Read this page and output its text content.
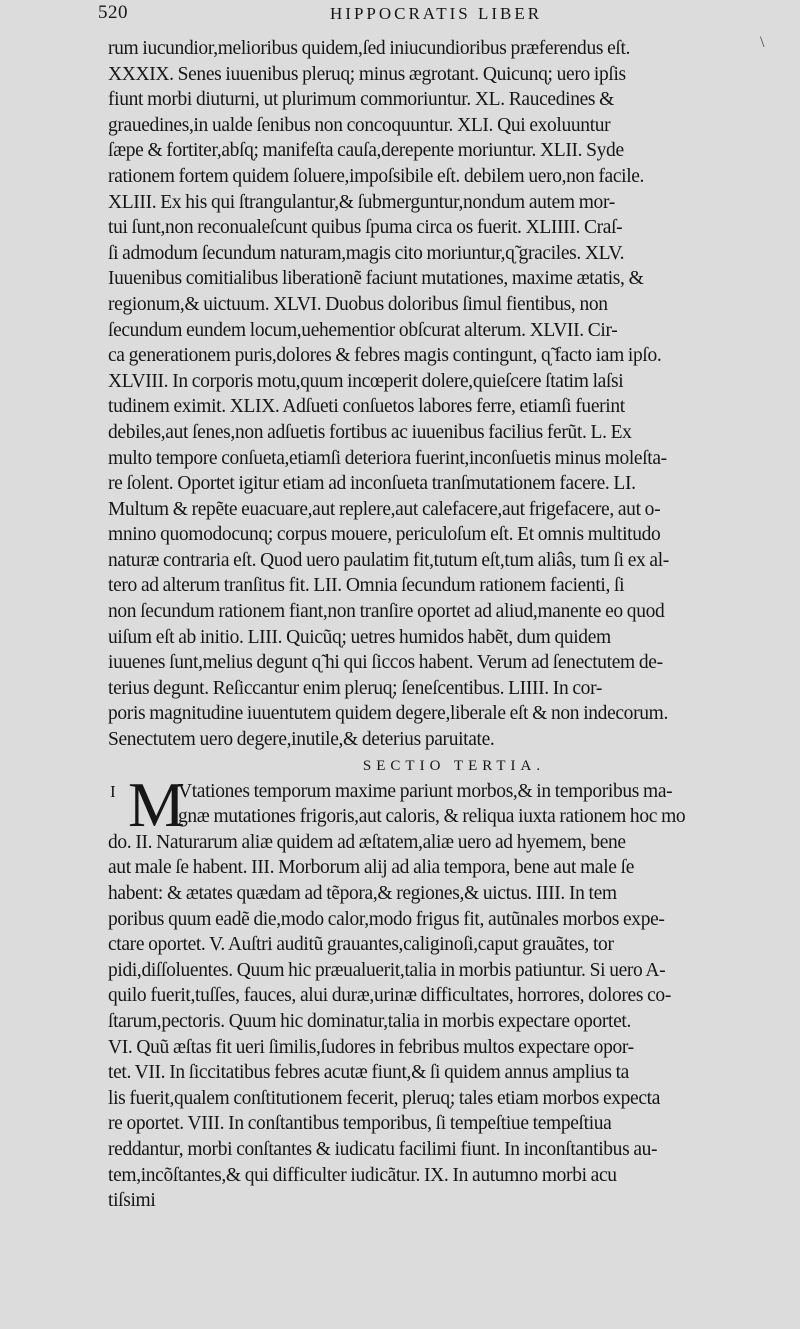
520	HIPPOCRATIS LIBER
\
rum iucundior,melioribus quidem,ſed iniucundioribus præferendus eſt.
XXXIX. Senes iuuenibus pleruɋ; minus ægrotant. Quicunɋ; uero ipſis
fiunt morbi diuturni, ut plurimum commoriuntur. XL. Raucedines &
grauedines,in ualde ſenibus non concoquuntur. XLI. Qui exoluuntur
ſæpe & fortiter,abſɋ; manifeſta cauſa,derepente moriuntur. XLII. Syde
rationem fortem quidem ſoluere,impoſsibile eſt. debilem uero,non facile.
XLIII. Ex his qui ſtrangulantur,& ſubmerguntur,nondum autem mor-
tui ſunt,non reconualeſcunt quibus ſpuma circa os fuerit. XLIIII. Craſ-
ſi admodum ſecundum naturam,magis cito moriuntur,ɋ̃ graciles. XLV.
Iuuenibus comitialibus liberationẽ faciunt mutationes, maxime ætatis, &
regionum,& uictuum. XLVI. Duobus doloribus ſimul fientibus, non
ſecundum eundem locum,uehementior obſcurat alterum. XLVII. Cir-
ca generationem puris,dolores & febres magis contingunt, ɋ̃ facto iam ipſo.
XLVIII. In corporis motu,quum incœperit dolere,quieſcere ſtatim laſsi
tudinem eximit. XLIX. Adſueti conſuetos labores ferre, etiamſi fuerint
debiles,aut ſenes,non adſuetis fortibus ac iuuenibus facilius ferũt. L. Ex
multo tempore conſueta,etiamſi deteriora fuerint,inconſuetis minus moleſta-
re ſolent. Oportet igitur etiam ad inconſueta tranſmutationem facere. LI.
Multum & repẽte euacuare,aut replere,aut calefacere,aut frigefacere, aut o-
mnino quomodocunɋ; corpus mouere, periculoſum eſt. Et omnis multitudo
naturæ contraria eſt. Quod uero paulatim fit,tutum eſt,tum aliâs, tum ſi ex al-
tero ad alterum tranſitus fit. LII. Omnia ſecundum rationem facienti, ſi
non ſecundum rationem fiant,non tranſire oportet ad aliud,manente eo quod
uiſum eſt ab initio. LIII. Quicũɋ; uetres humidos habẽt, dum quidem
iuuenes ſunt,melius degunt ɋ̃ hi qui ſiccos habent. Verum ad ſenectutem de-
terius degunt. Reſiccantur enim pleruɋ; ſeneſcentibus. LIIII. In cor-
poris magnitudine iuuentutem quidem degere,liberale eſt & non indecorum.
Senectutem uero degere,inutile,& deterius paruitate.
SECTIO TERTIA.
I M
Vtationes temporum maxime pariunt morbos,& in temporibus ma-
gnæ mutationes frigoris,aut caloris, & reliqua iuxta rationem hoc mo
do. II. Naturarum aliæ quidem ad æſtatem,aliæ uero ad hyemem, bene
aut male ſe habent. III. Morborum alij ad alia tempora, bene aut male ſe
habent: & ætates quædam ad tẽpora,& regiones,& uictus. IIII. In tem
poribus quum eadẽ die,modo calor,modo frigus fit, autũnales morbos expe-
ctare oportet. V. Auſtri auditũ grauantes,caliginoſi,caput grauãtes, tor
pidi,diſſoluentes. Quum hic præualuerit,talia in morbis patiuntur. Si uero A-
quilo fuerit,tuſſes, fauces, alui duræ,urinæ difficultates, horrores, dolores co-
ſtarum,pectoris. Quum hic dominatur,talia in morbis expectare oportet.
VI. Quũ æſtas fit ueri ſimilis,ſudores in febribus multos expectare opor-
tet. VII. In ſiccitatibus febres acutæ fiunt,& ſi quidem annus amplius ta
lis fuerit,qualem conſtitutionem fecerit, pleruɋ; tales etiam morbos expecta
re oportet. VIII. In conſtantibus temporibus, ſi tempeſtiue tempeſtiua
reddantur, morbi conſtantes & iudicatu facilimi fiunt. In inconſtantibus au-
tem,incõſtantes,& qui difficulter iudicãtur. IX. In autumno morbi acu
tiſsimi
